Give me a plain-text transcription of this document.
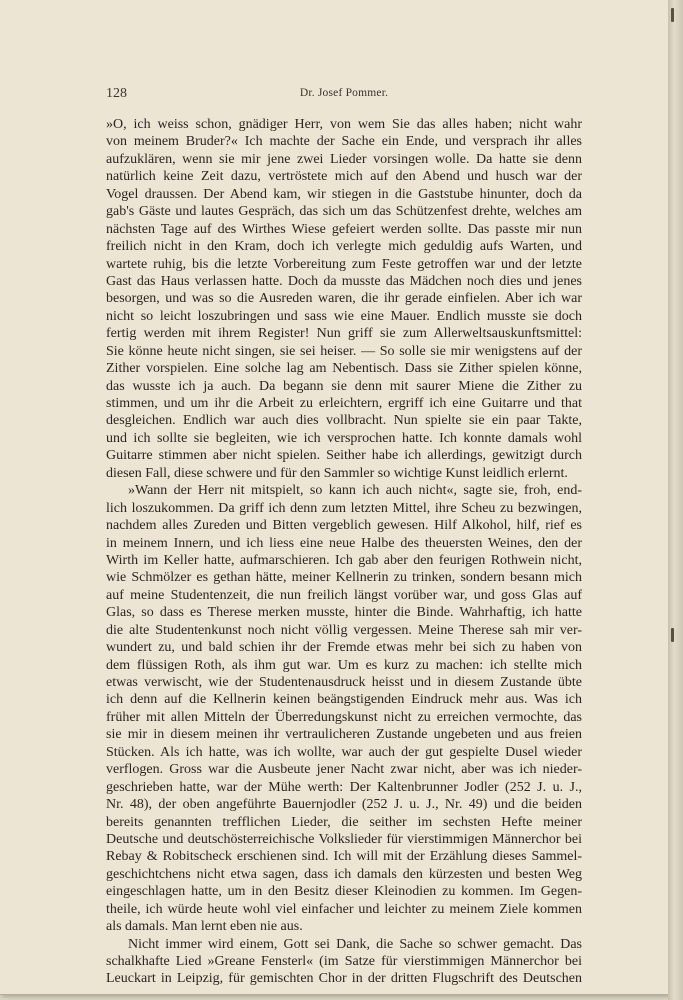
128	Dr. Josef Pommer.
»O, ich weiss schon, gnädiger Herr, von wem Sie das alles haben; nicht wahr
von meinem Bruder?« Ich machte der Sache ein Ende, und versprach ihr alles
aufzuklären, wenn sie mir jene zwei Lieder vorsingen wolle. Da hatte sie denn
natürlich keine Zeit dazu, vertröstete mich auf den Abend und husch war der
Vogel draussen. Der Abend kam, wir stiegen in die Gaststube hinunter, doch da
gab's Gäste und lautes Gespräch, das sich um das Schützenfest drehte, welches am
nächsten Tage auf des Wirthes Wiese gefeiert werden sollte. Das passte mir nun
freilich nicht in den Kram, doch ich verlegte mich geduldig aufs Warten, und
wartete ruhig, bis die letzte Vorbereitung zum Feste getroffen war und der letzte
Gast das Haus verlassen hatte. Doch da musste das Mädchen noch dies und jenes
besorgen, und was so die Ausreden waren, die ihr gerade einfielen. Aber ich war
nicht so leicht loszubringen und sass wie eine Mauer. Endlich musste sie doch
fertig werden mit ihrem Register! Nun griff sie zum Allerweltsauskunftsmittel:
Sie könne heute nicht singen, sie sei heiser. — So solle sie mir wenigstens auf der
Zither vorspielen. Eine solche lag am Nebentisch. Dass sie Zither spielen könne,
das wusste ich ja auch. Da begann sie denn mit saurer Miene die Zither zu
stimmen, und um ihr die Arbeit zu erleichtern, ergriff ich eine Guitarre und that
desgleichen. Endlich war auch dies vollbracht. Nun spielte sie ein paar Takte,
und ich sollte sie begleiten, wie ich versprochen hatte. Ich konnte damals wohl
Guitarre stimmen aber nicht spielen. Seither habe ich allerdings, gewitzigt durch
diesen Fall, diese schwere und für den Sammler so wichtige Kunst leidlich erlernt.
»Wann der Herr nit mitspielt, so kann ich auch nicht«, sagte sie, froh, end-
lich loszukommen. Da griff ich denn zum letzten Mittel, ihre Scheu zu bezwingen,
nachdem alles Zureden und Bitten vergeblich gewesen. Hilf Alkohol, hilf, rief es
in meinem Innern, und ich liess eine neue Halbe des theuersten Weines, den der
Wirth im Keller hatte, aufmarschieren. Ich gab aber den feurigen Rothwein nicht,
wie Schmölzer es gethan hätte, meiner Kellnerin zu trinken, sondern besann mich
auf meine Studentenzeit, die nun freilich längst vorüber war, und goss Glas auf
Glas, so dass es Therese merken musste, hinter die Binde. Wahrhaftig, ich hatte
die alte Studentenkunst noch nicht völlig vergessen. Meine Therese sah mir ver-
wundert zu, und bald schien ihr der Fremde etwas mehr bei sich zu haben von
dem flüssigen Roth, als ihm gut war. Um es kurz zu machen: ich stellte mich
etwas verwischt, wie der Studentenausdruck heisst und in diesem Zustande übte
ich denn auf die Kellnerin keinen beängstigenden Eindruck mehr aus. Was ich
früher mit allen Mitteln der Überredungskunst nicht zu erreichen vermochte, das
sie mir in diesem meinen ihr vertraulicheren Zustande ungebeten und aus freien
Stücken. Als ich hatte, was ich wollte, war auch der gut gespielte Dusel wieder
verflogen. Gross war die Ausbeute jener Nacht zwar nicht, aber was ich nieder-
geschrieben hatte, war der Mühe werth: Der Kaltenbrunner Jodler (252 J. u. J.,
Nr. 48), der oben angeführte Bauernjodler (252 J. u. J., Nr. 49) und die beiden
bereits genannten trefflichen Lieder, die seither im sechsten Hefte meiner
Deutsche und deutschösterreichische Volkslieder für vierstimmigen Männerchor bei
Rebay & Robitscheck erschienen sind. Ich will mit der Erzählung dieses Sammel-
geschichtchens nicht etwa sagen, dass ich damals den kürzesten und besten Weg
eingeschlagen hatte, um in den Besitz dieser Kleinodien zu kommen. Im Gegen-
theile, ich würde heute wohl viel einfacher und leichter zu meinem Ziele kommen
als damals. Man lernt eben nie aus.
Nicht immer wird einem, Gott sei Dank, die Sache so schwer gemacht. Das
schalkhafte Lied »Greane Fensterl« (im Satze für vierstimmigen Männerchor bei
Leuckart in Leipzig, für gemischten Chor in der dritten Flugschrift des Deutschen
